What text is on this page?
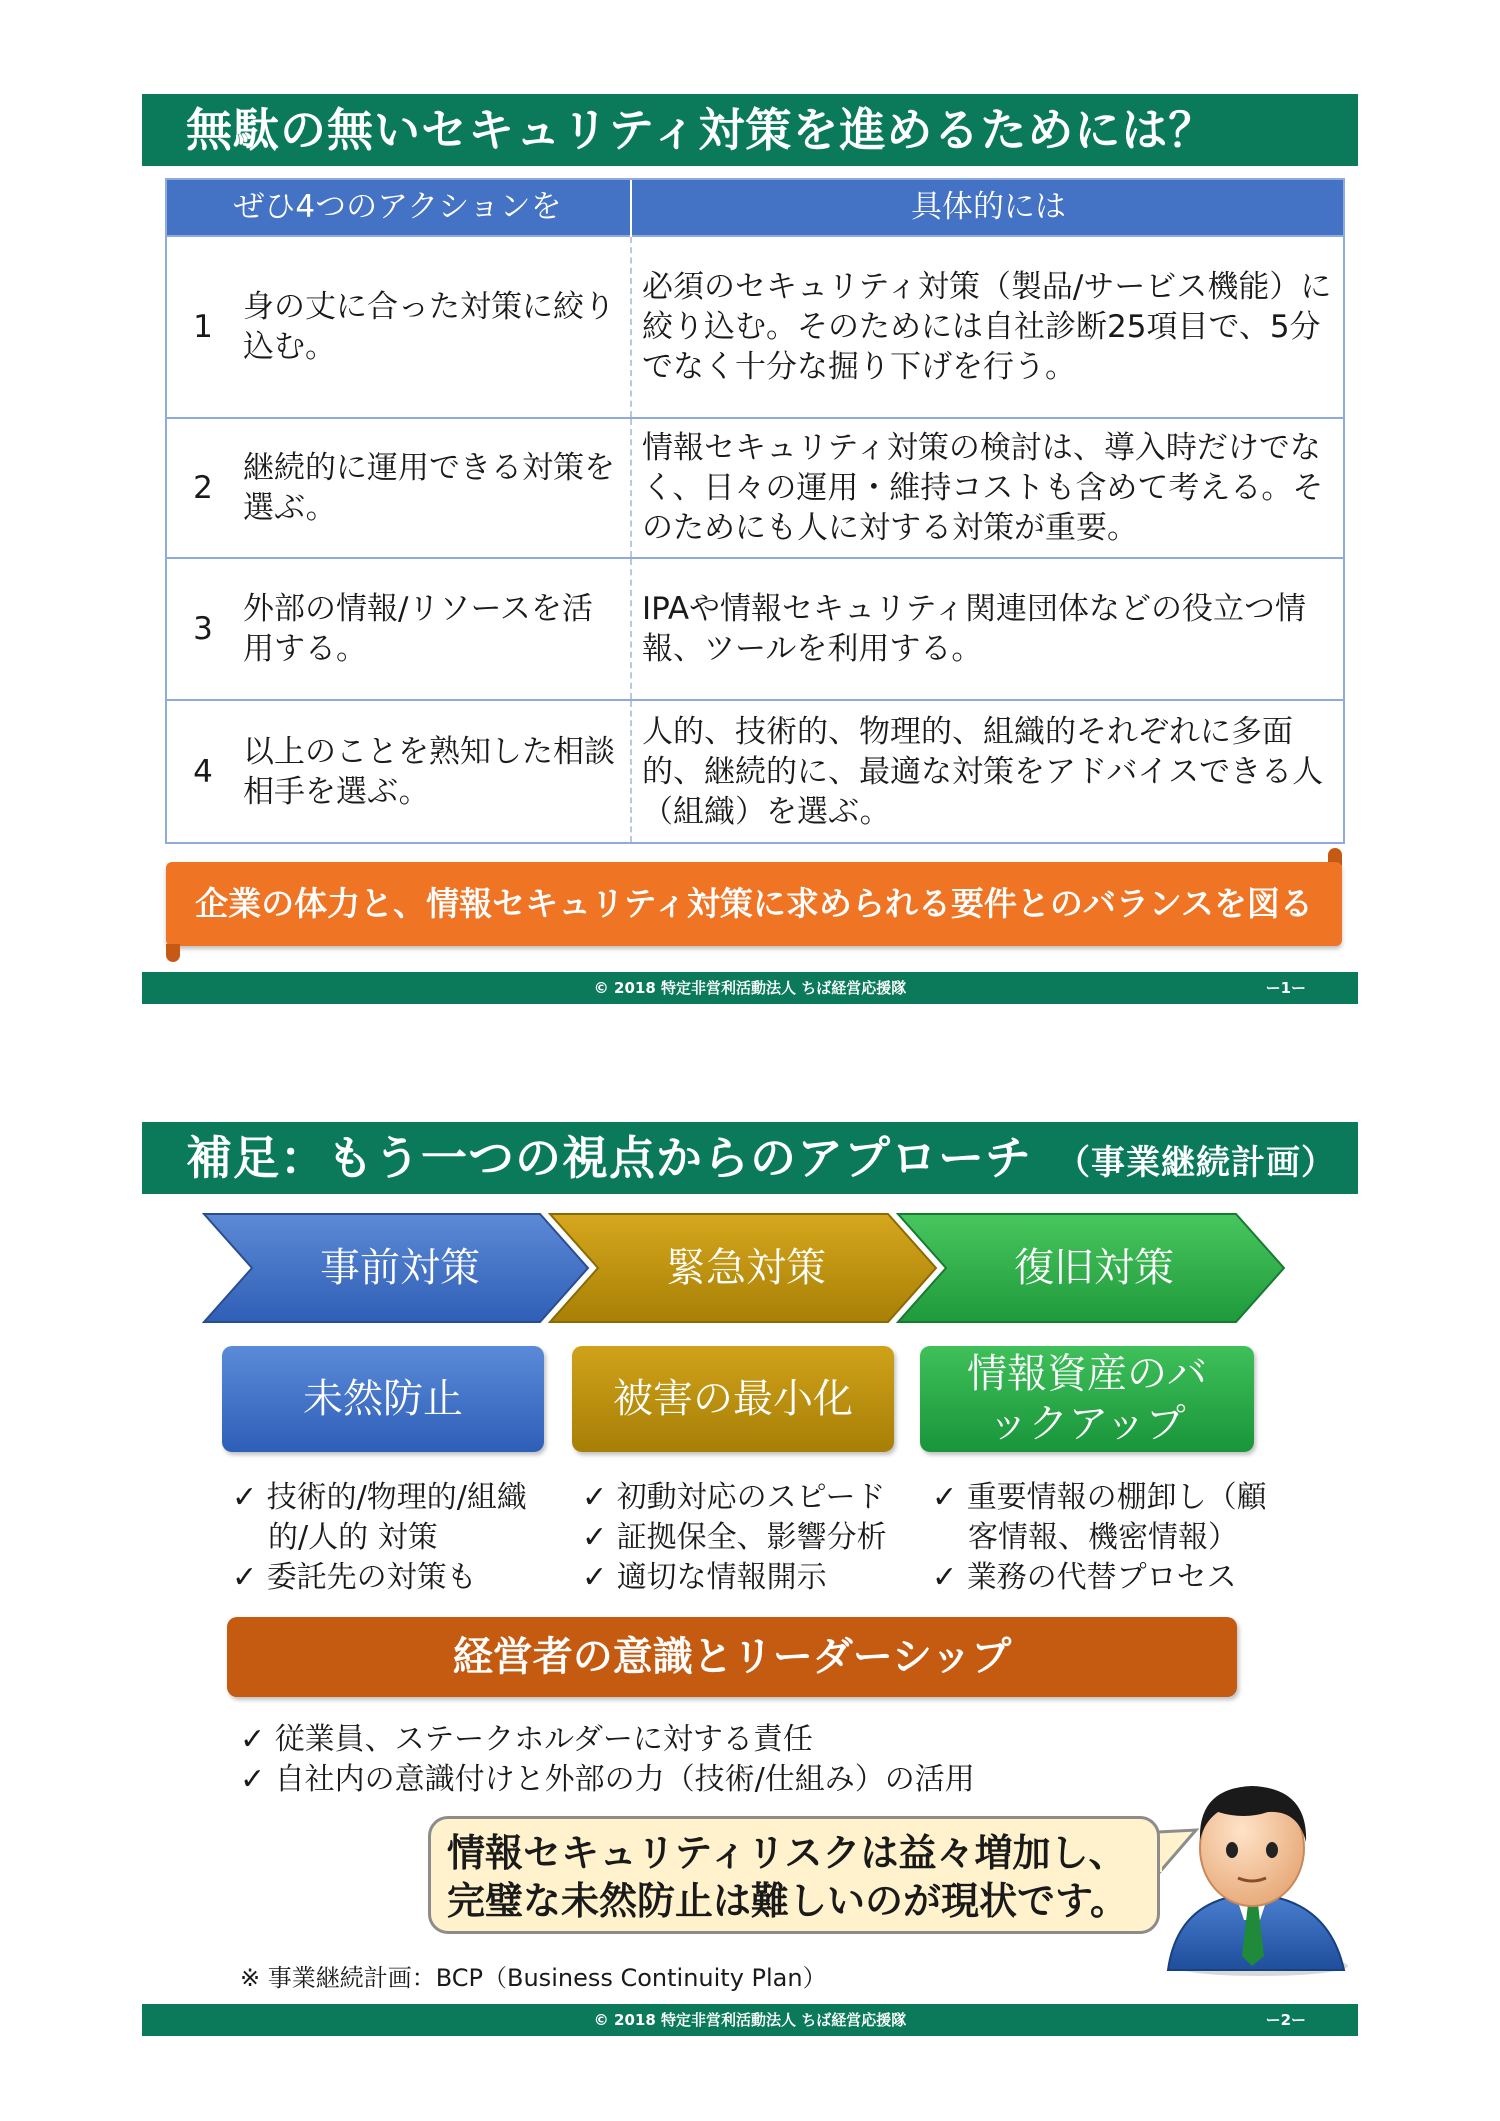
無駄の無いセキュリティ対策を進めるためには？
ぜひ4つのアクションを		具体的には
1	身の丈に合った対策に絞り込む。	必須のセキュリティ対策（製品/サービス機能）に絞り込む。そのためには自社診断25項目で、5分でなく十分な掘り下げを行う。
2	継続的に運用できる対策を選ぶ。	情報セキュリティ対策の検討は、導入時だけでなく、日々の運用・維持コストも含めて考える。そのためにも人に対する対策が重要。
3	外部の情報/リソースを活用する。	IPAや情報セキュリティ関連団体などの役立つ情報、ツールを利用する。
4	以上のことを熟知した相談相手を選ぶ。	人的、技術的、物理的、組織的それぞれに多面的、継続的に、最適な対策をアドバイスできる人（組織）を選ぶ。
企業の体力と、情報セキュリティ対策に求められる要件とのバランスを図る
© 2018 特定非営利活動法人 ちば経営応援隊	ー1ー
補足：もう一つの視点からのアプローチ （事業継続計画）
事前対策	緊急対策	復旧対策
未然防止	被害の最小化
情報資産のバックアップ
✓ 技術的/物理的/組織的/人的 対策
✓ 委託先の対策も
✓ 初動対応のスピード
✓ 証拠保全、影響分析
✓ 適切な情報開示
✓ 重要情報の棚卸し（顧客情報、機密情報）
✓ 業務の代替プロセス
経営者の意識とリーダーシップ
✓ 従業員、ステークホルダーに対する責任
✓ 自社内の意識付けと外部の力（技術/仕組み）の活用
情報セキュリティリスクは益々増加し、
完璧な未然防止は難しいのが現状です。
※ 事業継続計画：BCP（Business Continuity Plan）
© 2018 特定非営利活動法人 ちば経営応援隊	ー2ー
